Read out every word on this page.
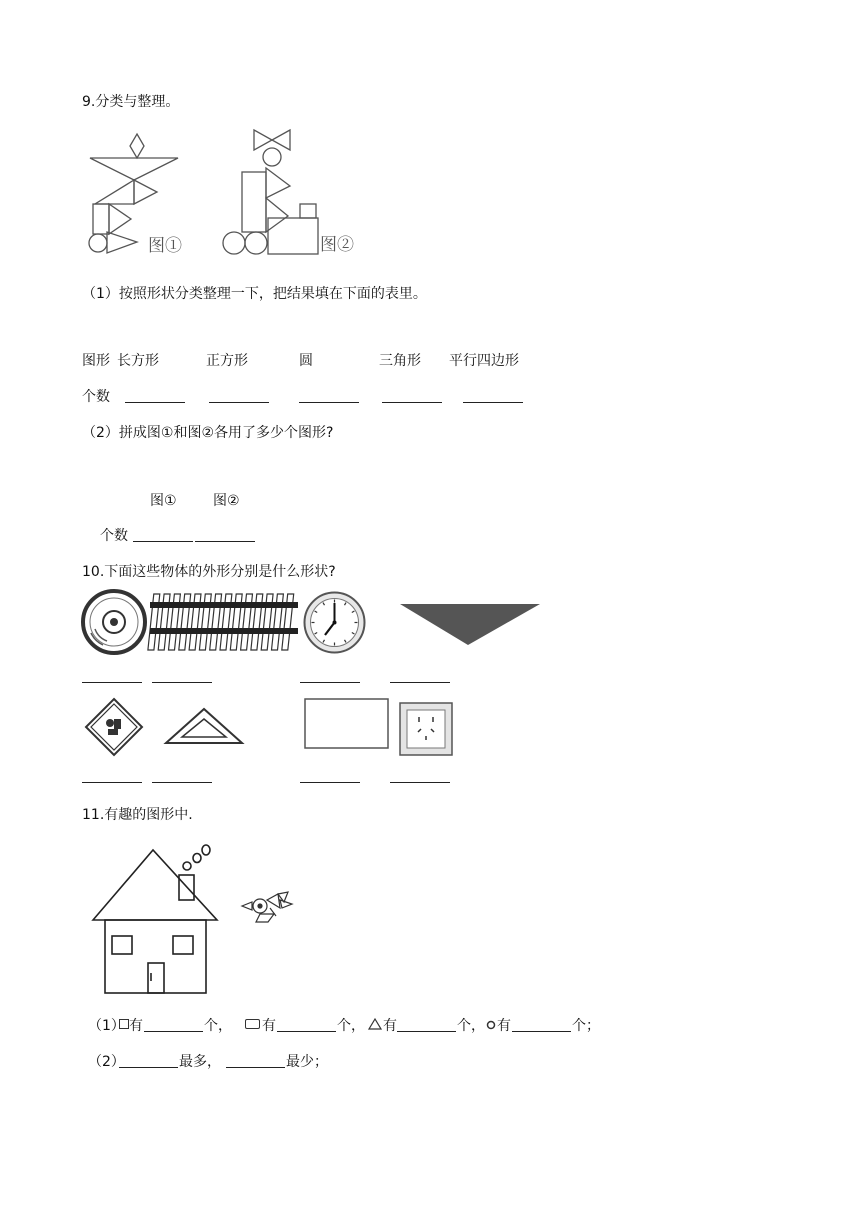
9.分类与整理。
图①	图②
（1）按照形状分类整理一下，把结果填在下面的表里。
图形 长方形	正方形	圆	三角形 平行四边形
个数
（2）拼成图①和图②各用了多少个图形?
图①	图②
个数
10.下面这些物体的外形分别是什么形状?
11.有趣的图形中.
（1） 有	个， 有	个， 有	个， 有	个；
（2）	最多，	最少；
